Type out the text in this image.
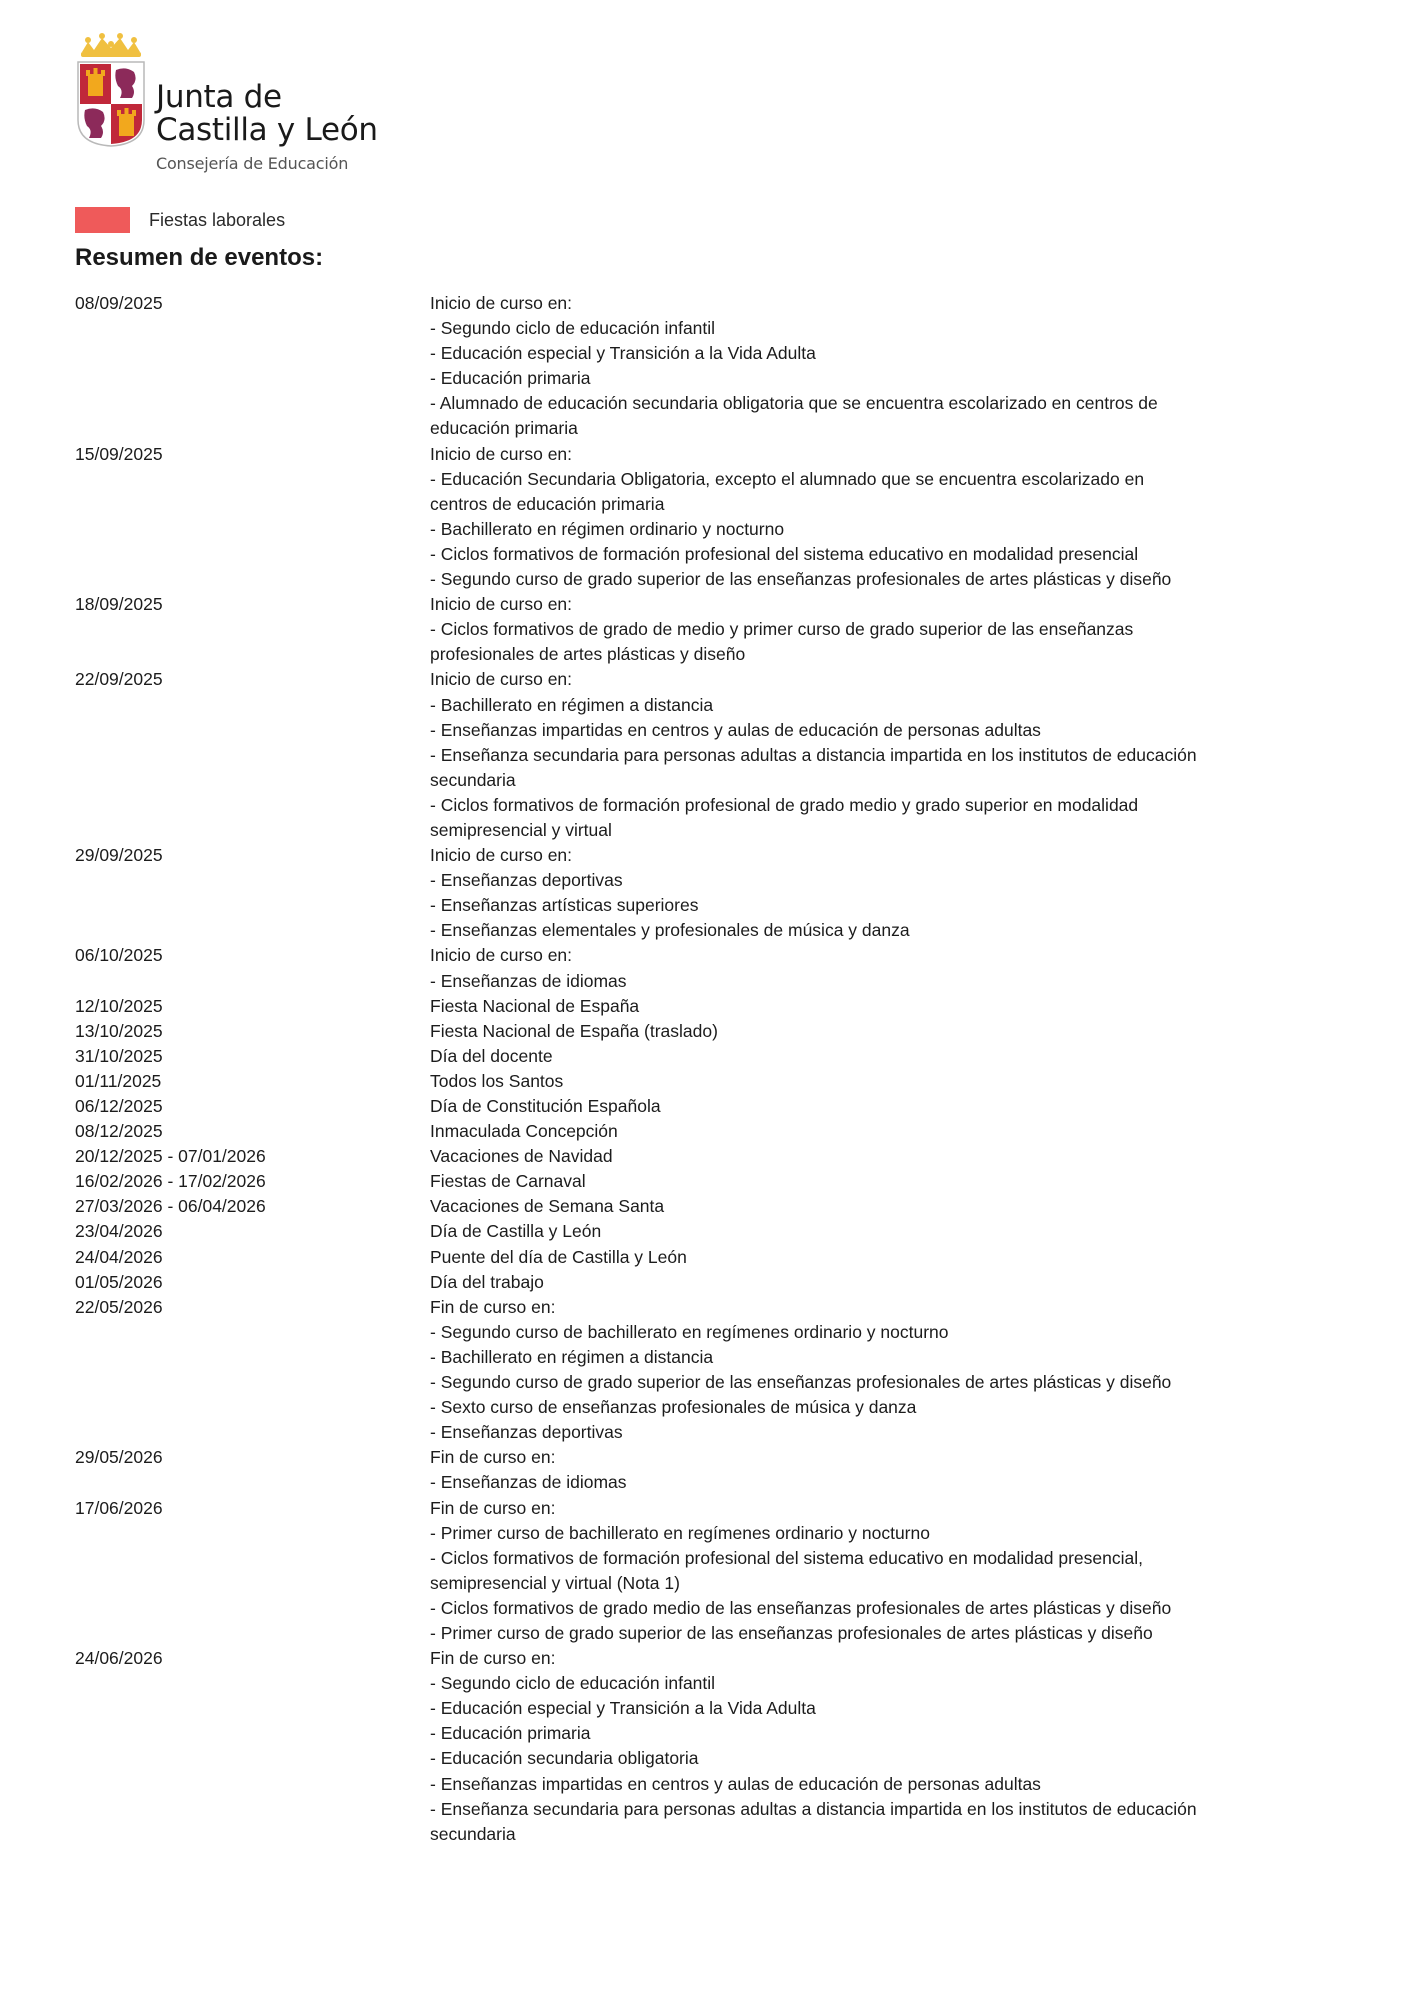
Junta de
Castilla y León
Consejería de Educación
Fiestas laborales
Resumen de eventos:
08/09/2025	Inicio de curso en:
- Segundo ciclo de educación infantil
- Educación especial y Transición a la Vida Adulta
- Educación primaria
- Alumnado de educación secundaria obligatoria que se encuentra escolarizado en centros de
educación primaria
15/09/2025	Inicio de curso en:
- Educación Secundaria Obligatoria, excepto el alumnado que se encuentra escolarizado en
centros de educación primaria
- Bachillerato en régimen ordinario y nocturno
- Ciclos formativos de formación profesional del sistema educativo en modalidad presencial
- Segundo curso de grado superior de las enseñanzas profesionales de artes plásticas y diseño
18/09/2025	Inicio de curso en:
- Ciclos formativos de grado de medio y primer curso de grado superior de las enseñanzas
profesionales de artes plásticas y diseño
22/09/2025	Inicio de curso en:
- Bachillerato en régimen a distancia
- Enseñanzas impartidas en centros y aulas de educación de personas adultas
- Enseñanza secundaria para personas adultas a distancia impartida en los institutos de educación
secundaria
- Ciclos formativos de formación profesional de grado medio y grado superior en modalidad
semipresencial y virtual
29/09/2025	Inicio de curso en:
- Enseñanzas deportivas
- Enseñanzas artísticas superiores
- Enseñanzas elementales y profesionales de música y danza
06/10/2025	Inicio de curso en:
- Enseñanzas de idiomas
12/10/2025	Fiesta Nacional de España
13/10/2025	Fiesta Nacional de España (traslado)
31/10/2025	Día del docente
01/11/2025	Todos los Santos
06/12/2025	Día de Constitución Española
08/12/2025	Inmaculada Concepción
20/12/2025 - 07/01/2026	Vacaciones de Navidad
16/02/2026 - 17/02/2026	Fiestas de Carnaval
27/03/2026 - 06/04/2026	Vacaciones de Semana Santa
23/04/2026	Día de Castilla y León
24/04/2026	Puente del día de Castilla y León
01/05/2026	Día del trabajo
22/05/2026	Fin de curso en:
- Segundo curso de bachillerato en regímenes ordinario y nocturno
- Bachillerato en régimen a distancia
- Segundo curso de grado superior de las enseñanzas profesionales de artes plásticas y diseño
- Sexto curso de enseñanzas profesionales de música y danza
- Enseñanzas deportivas
29/05/2026	Fin de curso en:
- Enseñanzas de idiomas
17/06/2026	Fin de curso en:
- Primer curso de bachillerato en regímenes ordinario y nocturno
- Ciclos formativos de formación profesional del sistema educativo en modalidad presencial,
semipresencial y virtual (Nota 1)
- Ciclos formativos de grado medio de las enseñanzas profesionales de artes plásticas y diseño
- Primer curso de grado superior de las enseñanzas profesionales de artes plásticas y diseño
24/06/2026	Fin de curso en:
- Segundo ciclo de educación infantil
- Educación especial y Transición a la Vida Adulta
- Educación primaria
- Educación secundaria obligatoria
- Enseñanzas impartidas en centros y aulas de educación de personas adultas
- Enseñanza secundaria para personas adultas a distancia impartida en los institutos de educación
secundaria
